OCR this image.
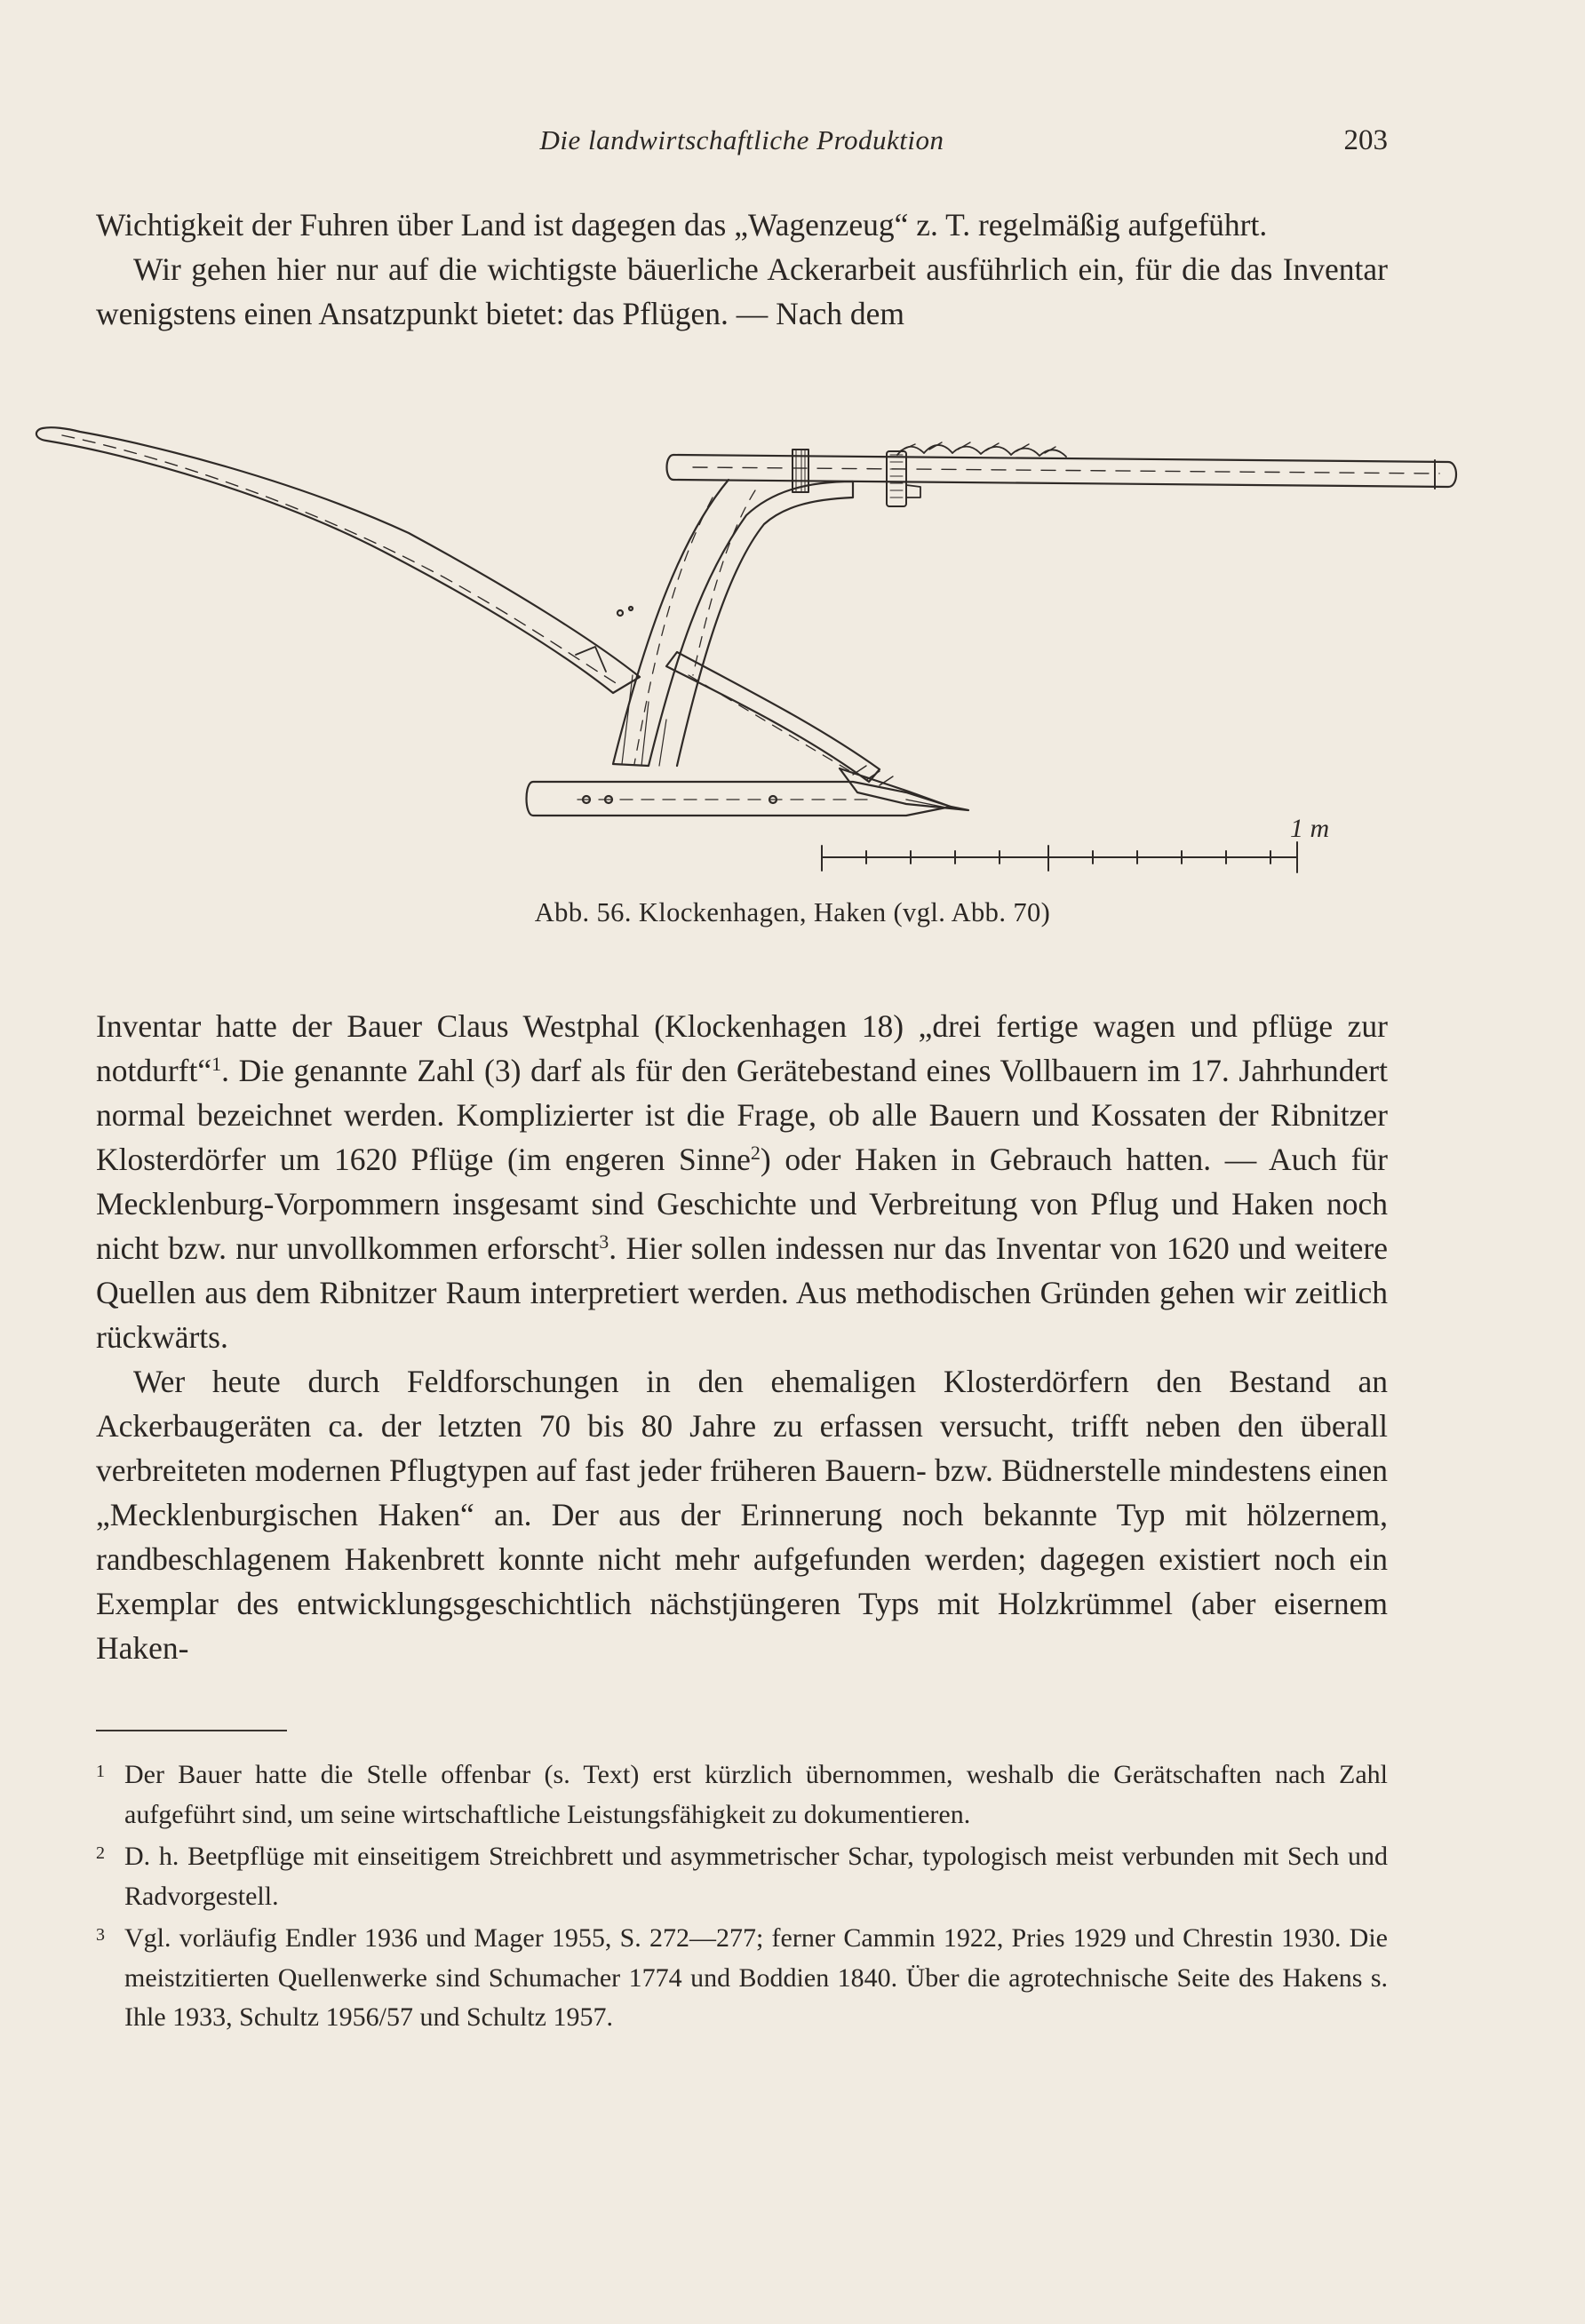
Die landwirtschaftliche Produktion	203

Wichtigkeit der Fuhren über Land ist dagegen das „Wagenzeug“ z. T. regelmäßig aufgeführt.

Wir gehen hier nur auf die wichtigste bäuerliche Ackerarbeit ausführlich ein, für die das Inventar wenigstens einen Ansatzpunkt bietet: das Pflügen. — Nach dem

1 m
Abb. 56. Klockenhagen, Haken (vgl. Abb. 70)

Inventar hatte der Bauer Claus Westphal (Klockenhagen 18) „drei fertige wagen und pflüge zur notdurft“$^1$. Die genannte Zahl (3) darf als für den Gerätebestand eines Vollbauern im 17. Jahrhundert normal bezeichnet werden. Komplizierter ist die Frage, ob alle Bauern und Kossaten der Ribnitzer Klosterdörfer um 1620 Pflüge (im engeren Sinne$^2$) oder Haken in Gebrauch hatten. — Auch für Mecklenburg-Vorpommern insgesamt sind Geschichte und Verbreitung von Pflug und Haken noch nicht bzw. nur unvollkommen erforscht$^3$. Hier sollen indessen nur das Inventar von 1620 und weitere Quellen aus dem Ribnitzer Raum interpretiert werden. Aus methodischen Gründen gehen wir zeitlich rückwärts.

Wer heute durch Feldforschungen in den ehemaligen Klosterdörfern den Bestand an Ackerbaugeräten ca. der letzten 70 bis 80 Jahre zu erfassen versucht, trifft neben den überall verbreiteten modernen Pflugtypen auf fast jeder früheren Bauern- bzw. Büdnerstelle mindestens einen „Mecklenburgischen Haken“ an. Der aus der Erinnerung noch bekannte Typ mit hölzernem, randbeschlagenem Hakenbrett konnte nicht mehr aufgefunden werden; dagegen existiert noch ein Exemplar des entwicklungsgeschichtlich nächstjüngeren Typs mit Holzkrümmel (aber eisernem Haken-

1 Der Bauer hatte die Stelle offenbar (s. Text) erst kürzlich übernommen, weshalb die Gerätschaften nach Zahl aufgeführt sind, um seine wirtschaftliche Leistungsfähigkeit zu dokumentieren.
2 D. h. Beetpflüge mit einseitigem Streichbrett und asymmetrischer Schar, typologisch meist verbunden mit Sech und Radvorgestell.
3 Vgl. vorläufig Endler 1936 und Mager 1955, S. 272—277; ferner Cammin 1922, Pries 1929 und Chrestin 1930. Die meistzitierten Quellenwerke sind Schumacher 1774 und Boddien 1840. Über die agrotechnische Seite des Hakens s. Ihle 1933, Schultz 1956/57 und Schultz 1957.
